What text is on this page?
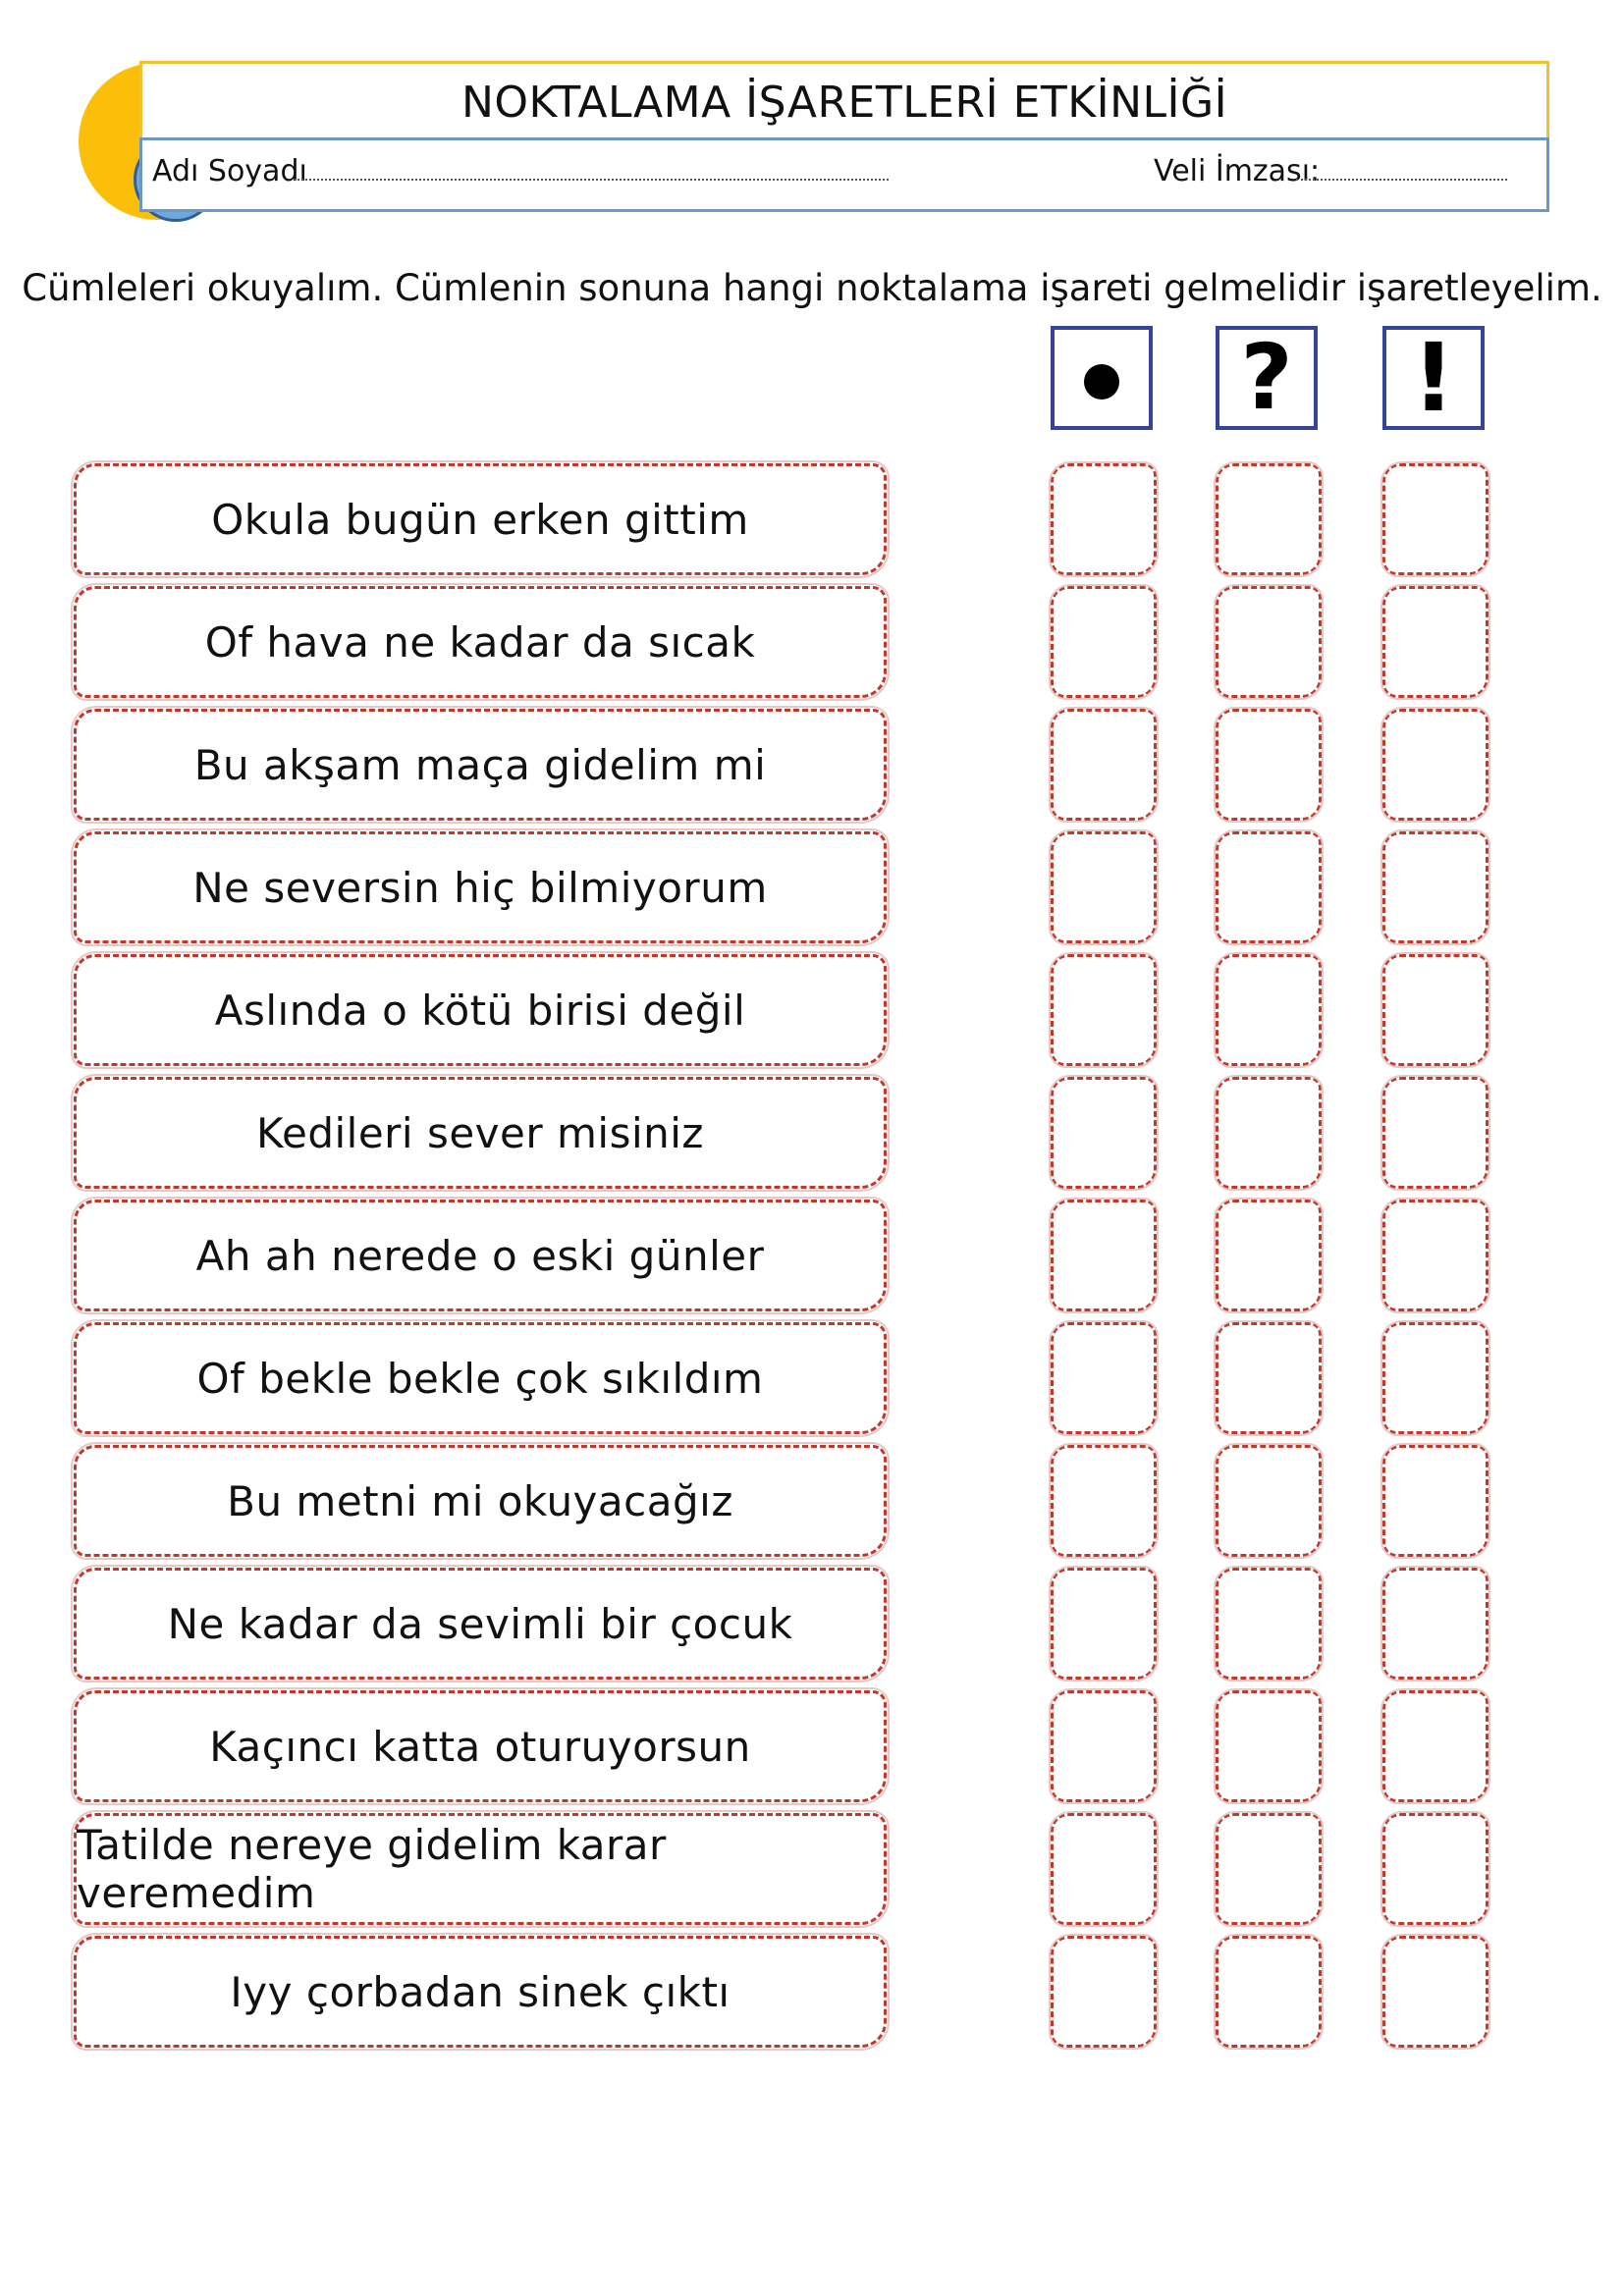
NOKTALAMA İŞARETLERİ ETKİNLİĞİ
Adı Soyadı	Veli İmzası:
Cümleleri okuyalım. Cümlenin sonuna hangi noktalama işareti gelmelidir işaretleyelim.
? !
Okula bugün erken gittim
Of hava ne kadar da sıcak
Bu akşam maça gidelim mi
Ne seversin hiç bilmiyorum
Aslında o kötü birisi değil
Kedileri sever misiniz
Ah ah nerede o eski günler
Of bekle bekle çok sıkıldım
Bu metni mi okuyacağız
Ne kadar da sevimli bir çocuk
Kaçıncı katta oturuyorsun
Tatilde nereye gidelim karar veremedim
Iyy çorbadan sinek çıktı
